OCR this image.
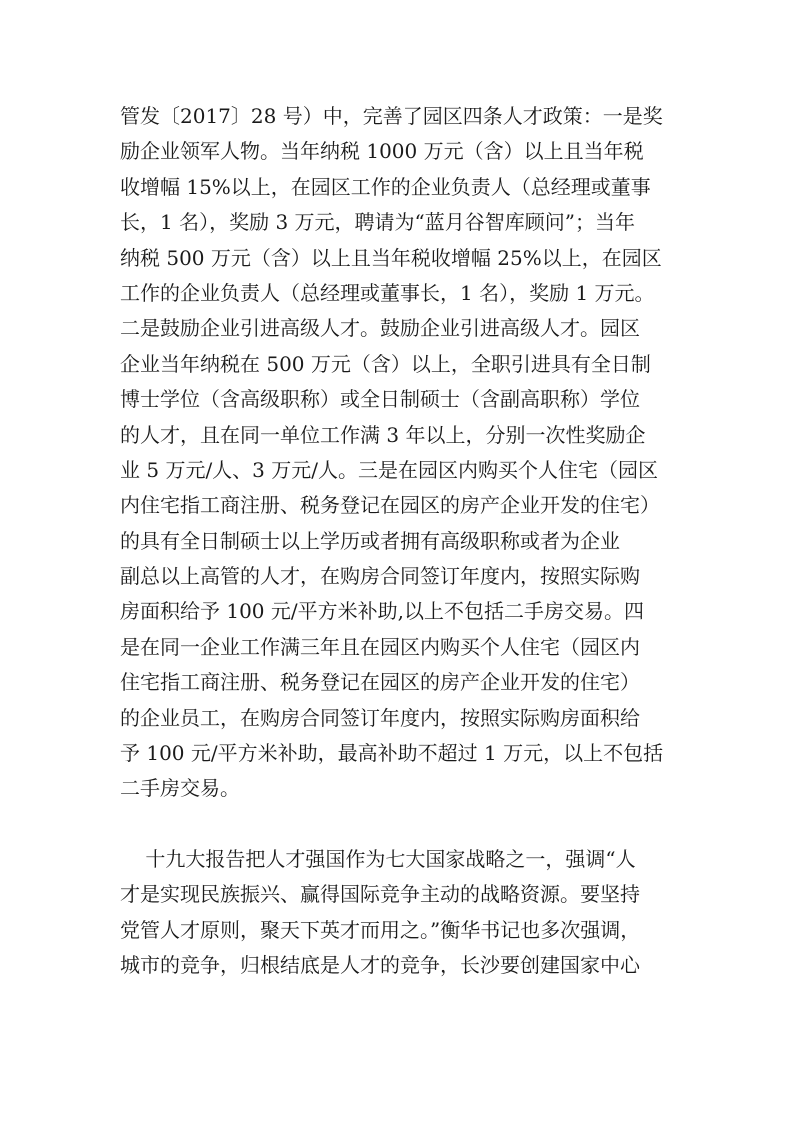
管发〔2017〕28 号）中，完善了园区四条人才政策：一是奖
励企业领军人物。当年纳税 1000 万元（含）以上且当年税
收增幅 15%以上，在园区工作的企业负责人（总经理或董事
长，1 名），奖励 3 万元，聘请为“蓝月谷智库顾问”；当年
纳税 500 万元（含）以上且当年税收增幅 25%以上，在园区
工作的企业负责人（总经理或董事长，1 名），奖励 1 万元。
二是鼓励企业引进高级人才。鼓励企业引进高级人才。园区
企业当年纳税在 500 万元（含）以上，全职引进具有全日制
博士学位（含高级职称）或全日制硕士（含副高职称）学位
的人才，且在同一单位工作满 3 年以上，分别一次性奖励企
业 5 万元/人、3 万元/人。三是在园区内购买个人住宅（园区
内住宅指工商注册、税务登记在园区的房产企业开发的住宅）
的具有全日制硕士以上学历或者拥有高级职称或者为企业
副总以上高管的人才，在购房合同签订年度内，按照实际购
房面积给予 100 元/平方米补助,以上不包括二手房交易。四
是在同一企业工作满三年且在园区内购买个人住宅（园区内
住宅指工商注册、税务登记在园区的房产企业开发的住宅）
的企业员工，在购房合同签订年度内，按照实际购房面积给
予 100 元/平方米补助，最高补助不超过 1 万元，以上不包括
二手房交易。
十九大报告把人才强国作为七大国家战略之一，强调“人
才是实现民族振兴、赢得国际竞争主动的战略资源。要坚持
党管人才原则，聚天下英才而用之。”衡华书记也多次强调，
城市的竞争，归根结底是人才的竞争，长沙要创建国家中心
